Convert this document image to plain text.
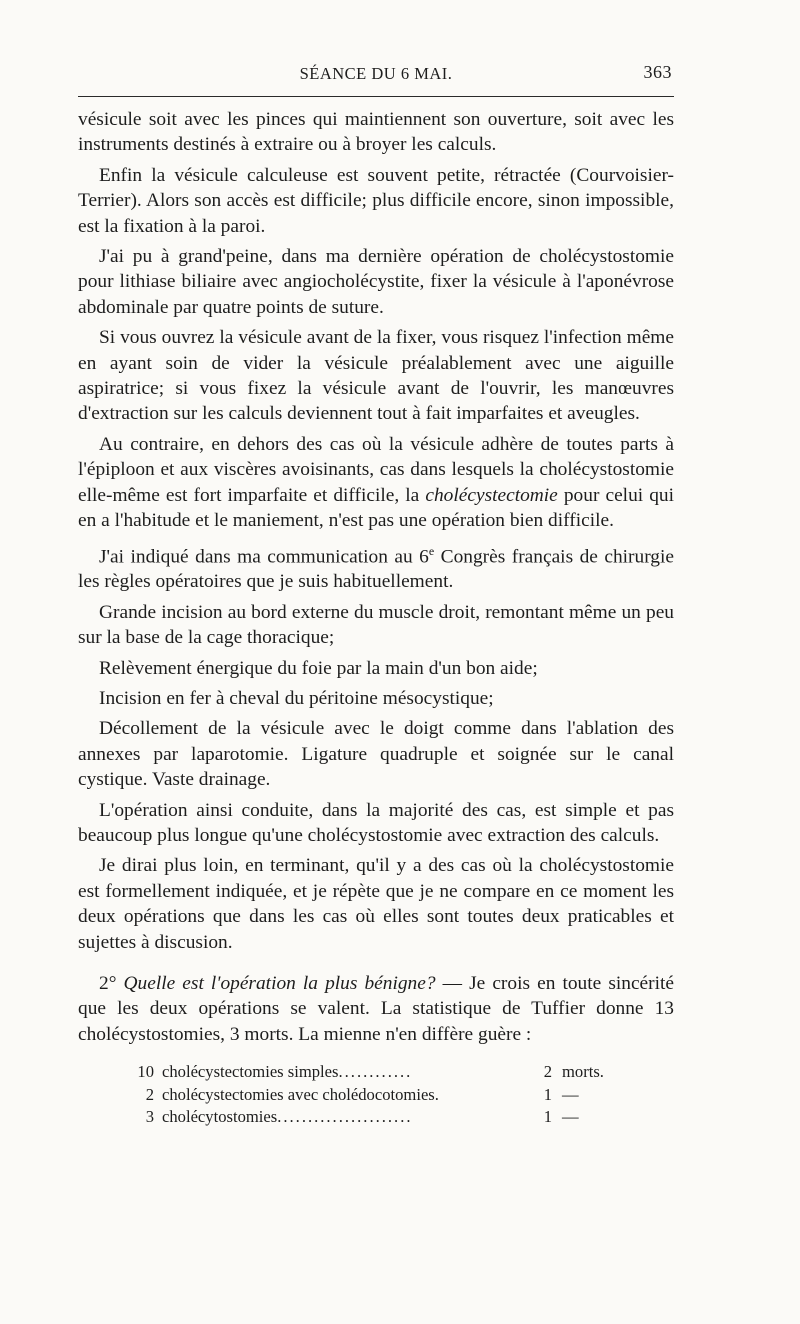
SÉANCE DU 6 MAI.	363

vésicule soit avec les pinces qui maintiennent son ouverture, soit avec les instruments destinés à extraire ou à broyer les calculs.

Enfin la vésicule calculeuse est souvent petite, rétractée (Courvoisier-Terrier). Alors son accès est difficile; plus difficile encore, sinon impossible, est la fixation à la paroi.

J'ai pu à grand'peine, dans ma dernière opération de cholécystostomie pour lithiase biliaire avec angiocholécystite, fixer la vésicule à l'aponévrose abdominale par quatre points de suture.

Si vous ouvrez la vésicule avant de la fixer, vous risquez l'infection même en ayant soin de vider la vésicule préalablement avec une aiguille aspiratrice; si vous fixez la vésicule avant de l'ouvrir, les manœuvres d'extraction sur les calculs deviennent tout à fait imparfaites et aveugles.

Au contraire, en dehors des cas où la vésicule adhère de toutes parts à l'épiploon et aux viscères avoisinants, cas dans lesquels la cholécystostomie elle-même est fort imparfaite et difficile, la cholécystectomie pour celui qui en a l'habitude et le maniement, n'est pas une opération bien difficile.

J'ai indiqué dans ma communication au 6e Congrès français de chirurgie les règles opératoires que je suis habituellement.

Grande incision au bord externe du muscle droit, remontant même un peu sur la base de la cage thoracique;

Relèvement énergique du foie par la main d'un bon aide;

Incision en fer à cheval du péritoine mésocystique;

Décollement de la vésicule avec le doigt comme dans l'ablation des annexes par laparotomie. Ligature quadruple et soignée sur le canal cystique. Vaste drainage.

L'opération ainsi conduite, dans la majorité des cas, est simple et pas beaucoup plus longue qu'une cholécystostomie avec extraction des calculs.

Je dirai plus loin, en terminant, qu'il y a des cas où la cholécystostomie est formellement indiquée, et je répète que je ne compare en ce moment les deux opérations que dans les cas où elles sont toutes deux praticables et sujettes à discusion.

2° Quelle est l'opération la plus bénigne? — Je crois en toute sincérité que les deux opérations se valent. La statistique de Tuffier donne 13 cholécystostomies, 3 morts. La mienne n'en diffère guère :

10 cholécystectomies simples............	2 morts.
2 cholécystectomies avec cholédocotomies.	1 —
3 cholécytostomies......................	1 —
